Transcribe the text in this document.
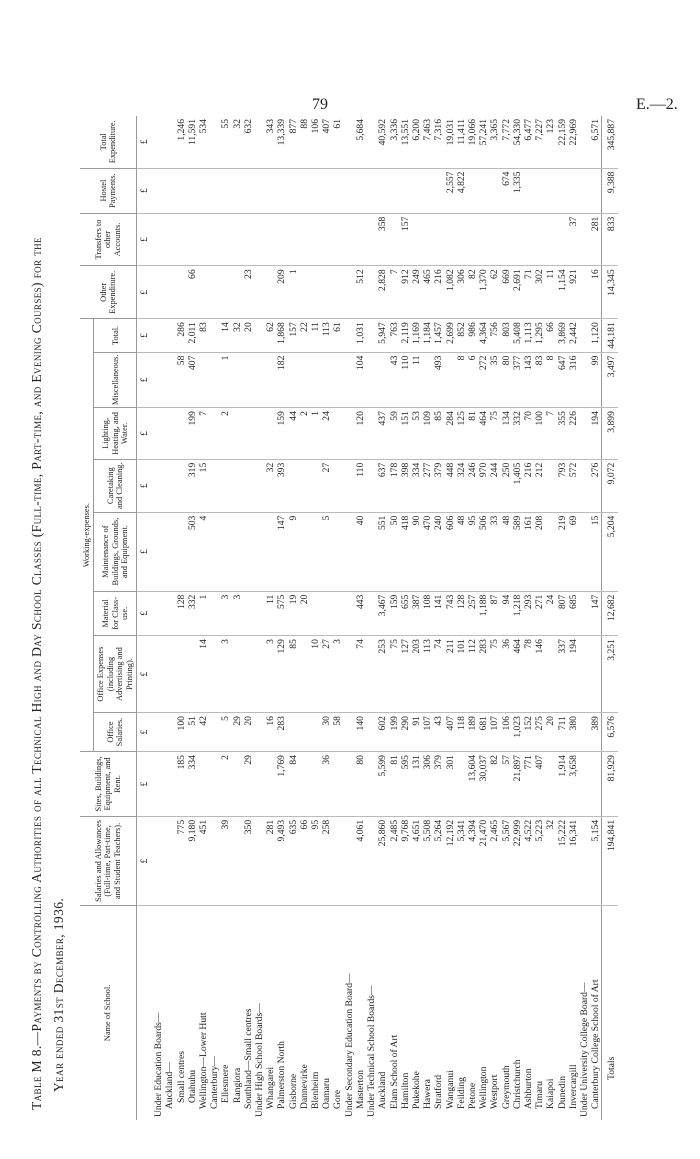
79	E.—2.
Table M 8.—Payments by Controlling Authorities of all Technical High and Day School Classes (Full-time, Part-time, and Evening Courses) for the Year ended 31st December, 1936.	Name of School.	Salaries and Allowances (Full-time, Part-time, and Student Teachers).	Sites, Buildings, Equipment, and Rent.	Working-expenses.								Other Expenditure.	Transfers to other Accounts.	Hostel Payments.	Total Expenditure.
			Office Salaries.	Office Expenses (including Advertising and Printing).	Material for Class-use.	Maintenance of Buildings, Grounds, and Equipment.	Caretaking and Cleaning.	Lighting, Heating, and Water.	Miscellaneous.	Total.				
	£	£	£	£	£	£	£	£	£	£	£	£	£	£
Under Education Boards—														
Auckland—														
Small centres	775	185	100		128				58	286				1,246
Otahuhu	9,180	334	51		332	503	319	199	407	2,011	66			11,591
Wellington—Lower Hutt	451		42	14	1	4	15	7		83				534
Canterbury—														
Ellesmere	39	2	5	3	3			2	1	14				55
Rangiora			29		3					32				32
Southland—Small centres	350	29	20							20	23			632
Under High School Boards—														
Whangarei	281		16	3	11		32			62				343
Palmerston North	9,493	1,769	283	129	575	147	393	159	182	1,868	209			13,339
Gisborne	635	84		85	19	9		44		157	1			877
Dannevirke	66				20			2		22				88
Blenheim	95			10				1		11				106
Oamaru	258	36	30	27		5	27	24		113				407
Gore			58	3						61				61
Under Secondary Education Board—														
Masterton	4,061	80	140	74	443	40	110	120	104	1,031	512			5,684
Under Technical School Boards—														
Auckland	25,860	5,599	602	253	3,467	551	637	437		5,947	2,828	358		40,592
Elam School of Art	2,485	81	199	75	159	50	178	59	43	763	7			3,336
Hamilton	9,768	595	290	127	655	418	398	151	110	2,119	912	157		13,551
Pukekohe	4,651	131	91	203	387	90	334	53	11	1,169	249			6,200
Hawera	5,508	306	107	113	108	470	277	109		1,184	465			7,463
Stratford	5,264	379	43	74	141	240	379	85	493	1,457	216			7,316
Wanganui	12,192	301	407	211	743	606	448	284		2,699	1,082		2,557	19,031
Feilding	5,341		118	101	128	48	324	125	8	852	306		4,822	11,411
Petone	4,394	13,604	189	112	257	95	246	81	6	986	82			19,066
Wellington	21,470	30,037	681	283	1,188	506	970	464	272	4,364	1,370			57,241
Westport	2,465	82	107	75	87	33	244	75	35	756	62			3,365
Greymouth	5,567	57	106	36	94	48	250	134	80	803	669		674	7,772
Christchurch	22,999	21,897	1,023	464	1,218	589	1,405	332	377	5,408	2,691		1,335	54,330
Ashburton	4,522	771	152	78	293	161	216	70	143	1,113	71			6,477
Timaru	5,223	407	275	146	271	208	212	100	83	1,295	302			7,227
Kaiapoi	32		20		24			7	8	66	11			123
Dunedin	15,222	1,914	711	337	807	219	793	355	647	3,869	1,154			22,159
Invercargill	16,341	3,658	380	194	685	69	572	226	316	2,442	921	37		22,969
Under University College Board—														
Canterbury College School of Art	5,154		389		147	15	276	194	99	1,120	16	281		6,571
Totals	194,841	81,929	6,576	3,251	12,682	5,204	9,072	3,899	3,497	44,181	14,345	833	9,388	345,887
